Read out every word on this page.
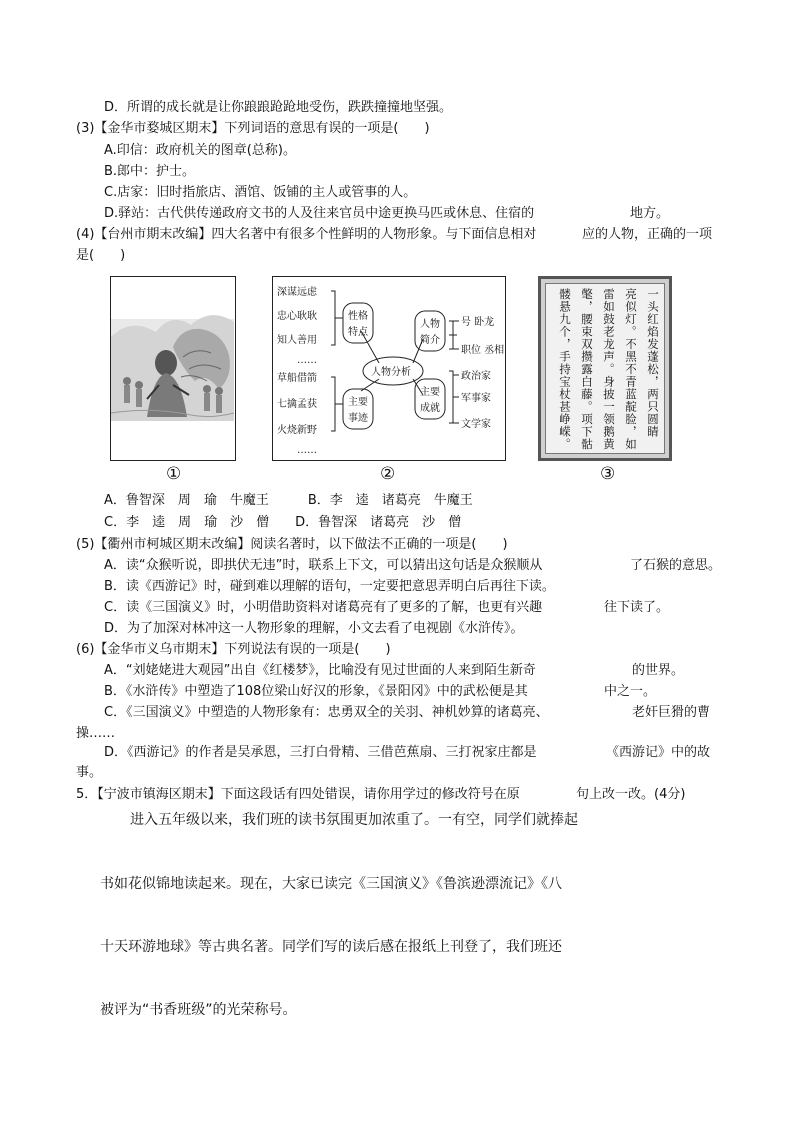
D．所谓的成长就是让你踉踉跄跄地受伤，跌跌撞撞地坚强。
(3)【金华市婺城区期末】下列词语的意思有误的一项是(　　)
A.印信：政府机关的图章(总称)。
B.郎中：护士。
C.店家：旧时指旅店、酒馆、饭铺的主人或管事的人。
D.驿站：古代供传递政府文书的人及往来官员中途更换马匹或休息、住宿的	地方。
(4)【台州市期末改编】四大名著中有很多个性鲜明的人物形象。与下面信息相对	应的人物，正确的一项
是(　　)
①
深谋远虑
忠心耿耿
知人善用
……
草船借箭
七擒孟获
火烧新野
……
性格
特点
主要
事迹
人物分析
人物
简介
主要
成就
号 卧龙
职位 丞相
政治家
军事家
文学家
②
一头红焰发蓬松，两只圆睛
亮似灯。不黑不青蓝靛脸，如
雷如鼓老龙声。身披一领鹅黄
氅，腰束双攒露白藤。项下骷
髅悬九个，手持宝杖甚峥嵘。
③
A．鲁智深　周　瑜　牛魔王　　　B．李　逵　诸葛亮　牛魔王
C．李　逵　周　瑜　沙　僧　　D．鲁智深　诸葛亮　沙　僧
(5)【衢州市柯城区期末改编】阅读名著时，以下做法不正确的一项是(　　)
A．读“众猴听说，即拱伏无违”时，联系上下文，可以猜出这句话是众猴顺从	了石猴的意思。
B．读《西游记》时，碰到难以理解的语句，一定要把意思弄明白后再往下读。
C．读《三国演义》时，小明借助资料对诸葛亮有了更多的了解，也更有兴趣	往下读了。
D．为了加深对林冲这一人物形象的理解，小文去看了电视剧《水浒传》。
(6)【金华市义乌市期末】下列说法有误的一项是(　　)
A．“刘姥姥进大观园”出自《红楼梦》，比喻没有见过世面的人来到陌生新奇	的世界。
B．《水浒传》中塑造了108位梁山好汉的形象，《景阳冈》中的武松便是其	中之一。
C．《三国演义》中塑造的人物形象有：忠勇双全的关羽、神机妙算的诸葛亮、	老奸巨猾的曹
操……
D．《西游记》的作者是吴承恩，三打白骨精、三借芭蕉扇、三打祝家庄都是	《西游记》中的故
事。
5．【宁波市镇海区期末】下面这段话有四处错误，请你用学过的修改符号在原	句上改一改。(4分)
进入五年级以来，我们班的读书氛围更加浓重了。一有空，同学们就捧起
书如花似锦地读起来。现在，大家已读完《三国演义》《鲁滨逊漂流记》《八
十天环游地球》等古典名著。同学们写的读后感在报纸上刊登了，我们班还
被评为“书香班级”的光荣称号。
